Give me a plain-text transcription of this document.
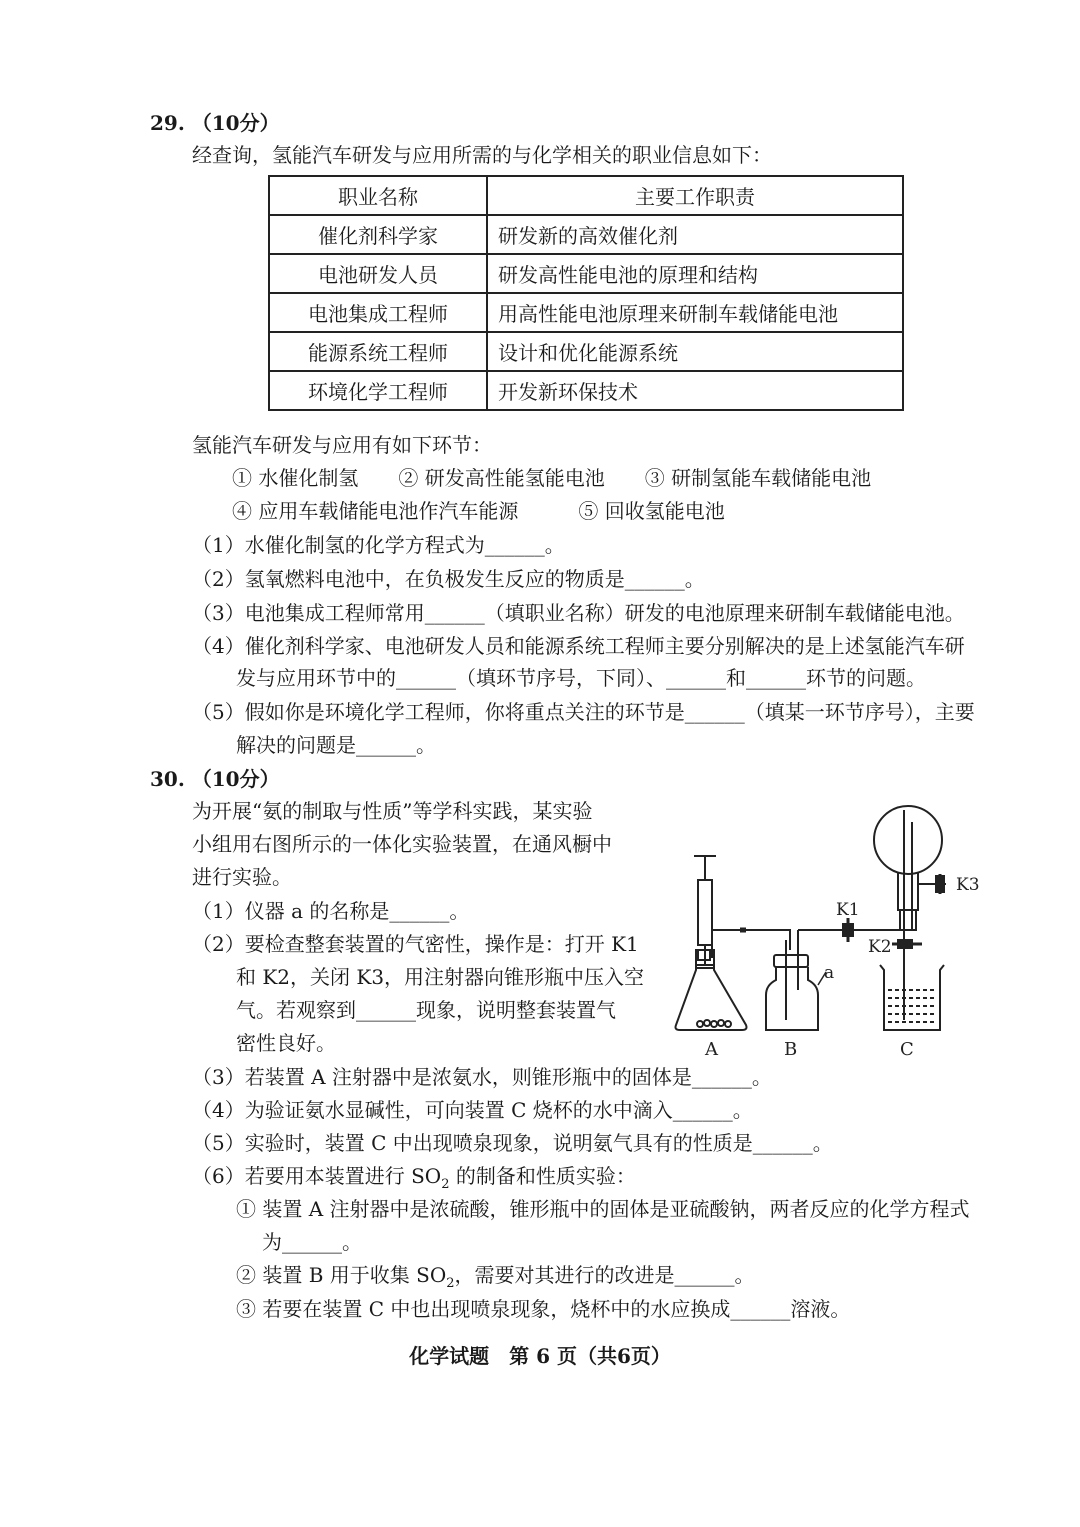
29. （10分）
经查询，氢能汽车研发与应用所需的与化学相关的职业信息如下：
职业名称	主要工作职责
催化剂科学家	研发新的高效催化剂
电池研发人员	研发高性能电池的原理和结构
电池集成工程师	用高性能电池原理来研制车载储能电池
能源系统工程师	设计和优化能源系统
环境化学工程师	开发新环保技术
氢能汽车研发与应用有如下环节：
① 水催化制氢　　② 研发高性能氢能电池　　③ 研制氢能车载储能电池
④ 应用车载储能电池作汽车能源　　　⑤ 回收氢能电池
（1）水催化制氢的化学方程式为______。
（2）氢氧燃料电池中，在负极发生反应的物质是______。
（3）电池集成工程师常用______（填职业名称）研发的电池原理来研制车载储能电池。
（4）催化剂科学家、电池研发人员和能源系统工程师主要分别解决的是上述氢能汽车研
发与应用环节中的______（填环节序号，下同）、______和______环节的问题。
（5）假如你是环境化学工程师，你将重点关注的环节是______（填某一环节序号），主要
解决的问题是______。
30. （10分）
为开展“氨的制取与性质”等学科实践，某实验
小组用右图所示的一体化实验装置，在通风橱中
进行实验。
（1）仪器 a 的名称是______。
（2）要检查整套装置的气密性，操作是：打开 K1
和 K2，关闭 K3，用注射器向锥形瓶中压入空
气。若观察到______现象，说明整套装置气
密性良好。
（3）若装置 A 注射器中是浓氨水，则锥形瓶中的固体是______。
（4）为验证氨水显碱性，可向装置 C 烧杯的水中滴入______。
（5）实验时，装置 C 中出现喷泉现象，说明氨气具有的性质是______。
（6）若要用本装置进行 $SO_2$ 的制备和性质实验：
① 装置 A 注射器中是浓硫酸，锥形瓶中的固体是亚硫酸钠，两者反应的化学方程式
为______。
② 装置 B 用于收集 $SO_2$，需要对其进行的改进是______。
③ 若要在装置 C 中也出现喷泉现象，烧杯中的水应换成______溶液。
a
K1
K3
K2
A	B	C
化学试题　第 6 页（共6页）
